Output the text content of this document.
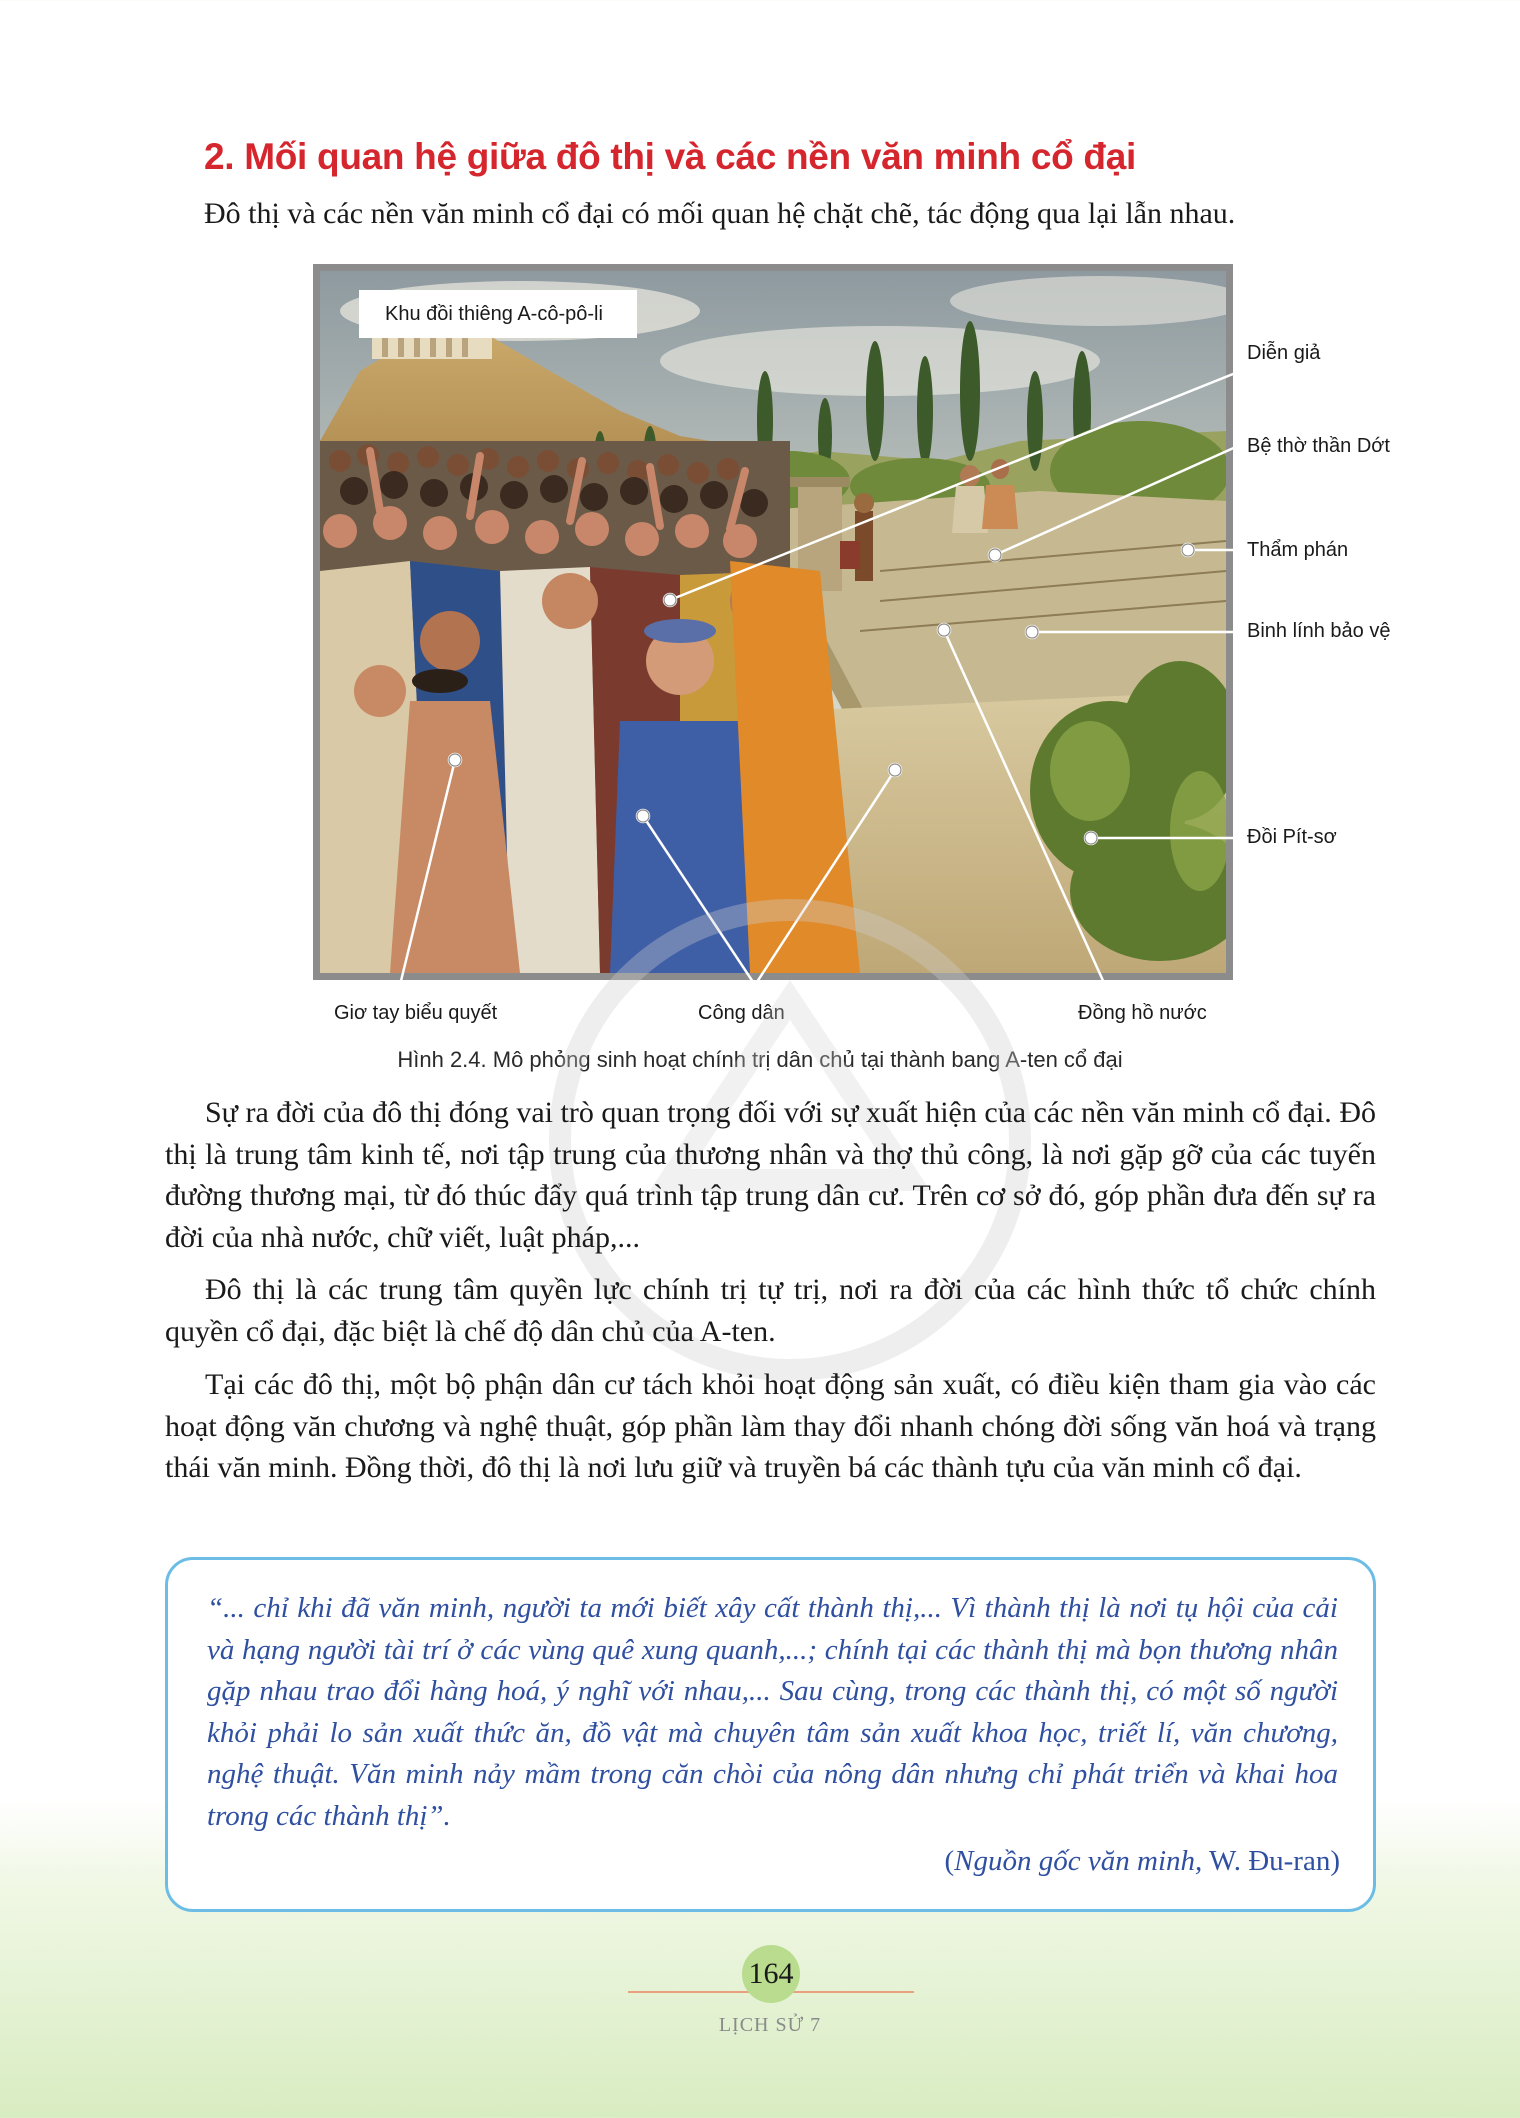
2. Mối quan hệ giữa đô thị và các nền văn minh cổ đại
Đô thị và các nền văn minh cổ đại có mối quan hệ chặt chẽ, tác động qua lại lẫn nhau.
Khu đồi thiêng A-cô-pô-li
Diễn giả
Bệ thờ thần Dớt
Thẩm phán
Binh lính bảo vệ
Đồi Pít-sơ
Giơ tay biểu quyết	Công dân	Đồng hồ nước
Hình 2.4. Mô phỏng sinh hoạt chính trị dân chủ tại thành bang A-ten cổ đại
Sự ra đời của đô thị đóng vai trò quan trọng đối với sự xuất hiện của các nền văn minh cổ đại. Đô thị là trung tâm kinh tế, nơi tập trung của thương nhân và thợ thủ công, là nơi gặp gỡ của các tuyến đường thương mại, từ đó thúc đẩy quá trình tập trung dân cư. Trên cơ sở đó, góp phần đưa đến sự ra đời của nhà nước, chữ viết, luật pháp,...
Đô thị là các trung tâm quyền lực chính trị tự trị, nơi ra đời của các hình thức tổ chức chính quyền cổ đại, đặc biệt là chế độ dân chủ của A-ten.
Tại các đô thị, một bộ phận dân cư tách khỏi hoạt động sản xuất, có điều kiện tham gia vào các hoạt động văn chương và nghệ thuật, góp phần làm thay đổi nhanh chóng đời sống văn hoá và trạng thái văn minh. Đồng thời, đô thị là nơi lưu giữ và truyền bá các thành tựu của văn minh cổ đại.
“... chỉ khi đã văn minh, người ta mới biết xây cất thành thị,... Vì thành thị là nơi tụ hội của cải và hạng người tài trí ở các vùng quê xung quanh,...; chính tại các thành thị mà bọn thương nhân gặp nhau trao đổi hàng hoá, ý nghĩ với nhau,... Sau cùng, trong các thành thị, có một số người khỏi phải lo sản xuất thức ăn, đồ vật mà chuyên tâm sản xuất khoa học, triết lí, văn chương, nghệ thuật. Văn minh nảy mầm trong căn chòi của nông dân nhưng chỉ phát triển và khai hoa trong các thành thị”.
(Nguồn gốc văn minh, W. Đu-ran)
164
LỊCH SỬ 7
